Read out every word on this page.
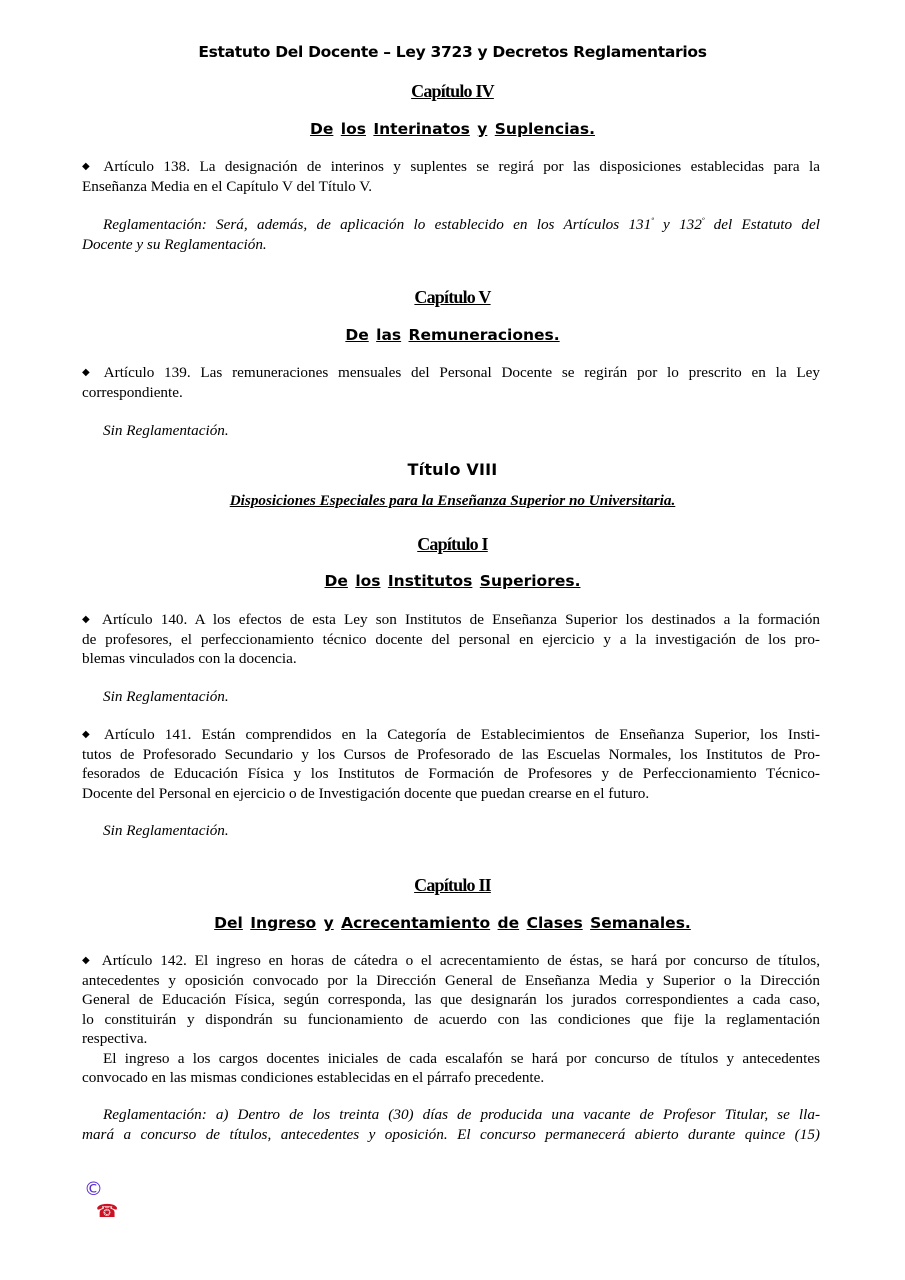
Estatuto Del Docente – Ley 3723 y Decretos Reglamentarios
Capítulo IV
De los Interinatos y Suplencias.
◆ Artículo 138. La designación de interinos y suplentes se regirá por las disposiciones establecidas para la
Enseñanza Media en el Capítulo V del Título V.
Reglamentación: Será, además, de aplicación lo establecido en los Artículos $131^º$ y $132^º$ del Estatuto del
Docente y su Reglamentación.
Capítulo V
De las Remuneraciones.
◆ Artículo 139. Las remuneraciones mensuales del Personal Docente se regirán por lo prescrito en la Ley
correspondiente.
Sin Reglamentación.
Título VIII
Disposiciones Especiales para la Enseñanza Superior no Universitaria.
Capítulo I
De los Institutos Superiores.
◆ Artículo 140. A los efectos de esta Ley son Institutos de Enseñanza Superior los destinados a la formación
de profesores, el perfeccionamiento técnico docente del personal en ejercicio y a la investigación de los pro-
blemas vinculados con la docencia.
Sin Reglamentación.
◆ Artículo 141. Están comprendidos en la Categoría de Establecimientos de Enseñanza Superior, los Insti-
tutos de Profesorado Secundario y los Cursos de Profesorado de las Escuelas Normales, los Institutos de Pro-
fesorados de Educación Física y los Institutos de Formación de Profesores y de Perfeccionamiento Técnico-
Docente del Personal en ejercicio o de Investigación docente que puedan crearse en el futuro.
Sin Reglamentación.
Capítulo II
Del Ingreso y Acrecentamiento de Clases Semanales.
◆ Artículo 142. El ingreso en horas de cátedra o el acrecentamiento de éstas, se hará por concurso de títulos,
antecedentes y oposición convocado por la Dirección General de Enseñanza Media y Superior o la Dirección
General de Educación Física, según corresponda, las que designarán los jurados correspondientes a cada caso,
lo constituirán y dispondrán su funcionamiento de acuerdo con las condiciones que fije la reglamentación
respectiva.
El ingreso a los cargos docentes iniciales de cada escalafón se hará por concurso de títulos y antecedentes
convocado en las mismas condiciones establecidas en el párrafo precedente.
Reglamentación: a) Dentro de los treinta (30) días de producida una vacante de Profesor Titular, se lla-
mará a concurso de títulos, antecedentes y oposición. El concurso permanecerá abierto durante quince (15)
©
☎
